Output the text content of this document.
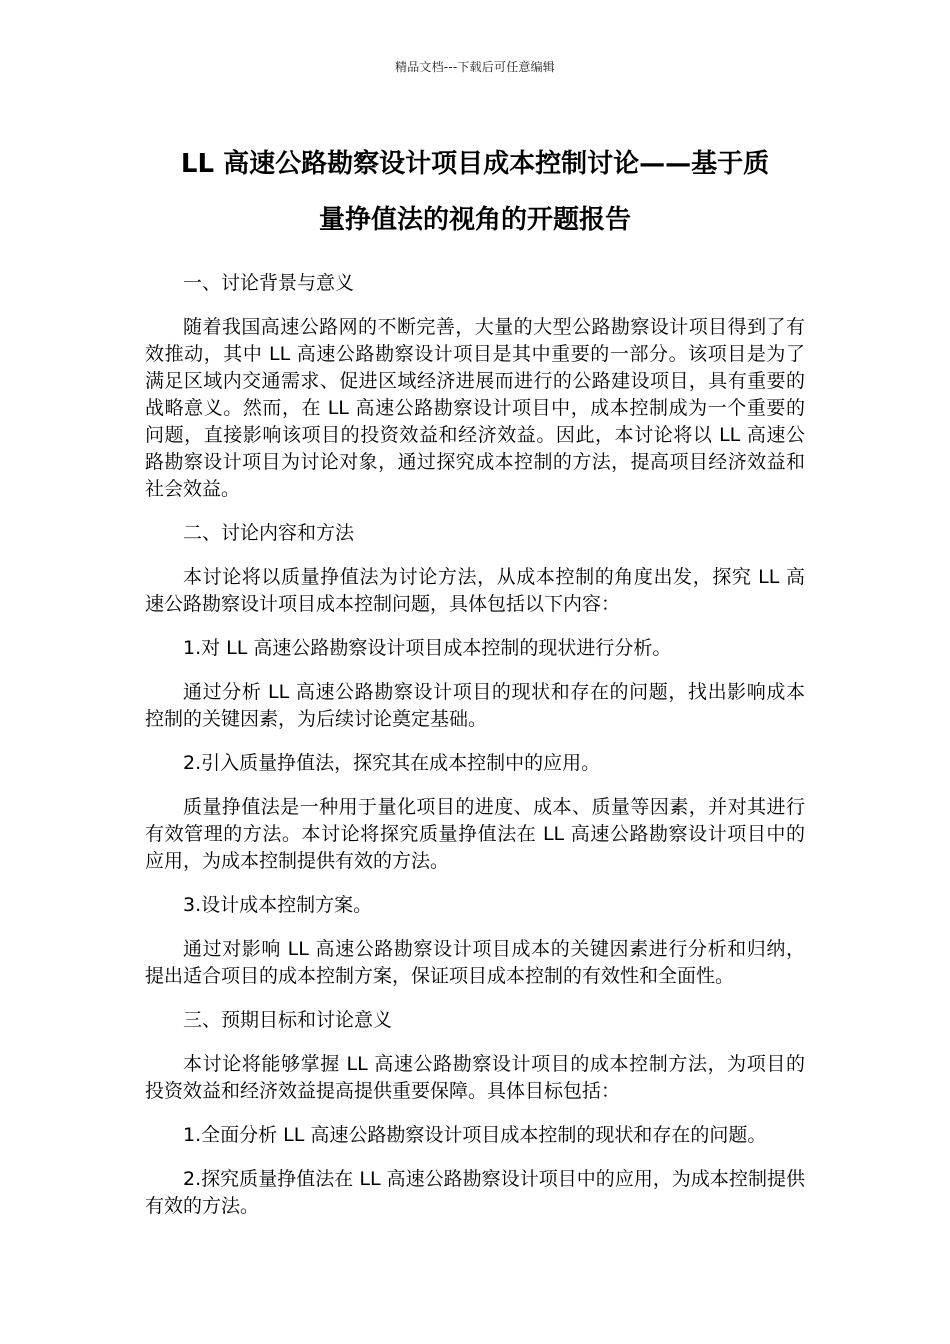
精品文档---下载后可任意编辑
LL 高速公路勘察设计项目成本控制讨论——基于质
量挣值法的视角的开题报告

一、讨论背景与意义

随着我国高速公路网的不断完善，大量的大型公路勘察设计项目得到了有效推动，其中 LL 高速公路勘察设计项目是其中重要的一部分。该项目是为了满足区域内交通需求、促进区域经济进展而进行的公路建设项目，具有重要的战略意义。然而，在 LL 高速公路勘察设计项目中，成本控制成为一个重要的问题，直接影响该项目的投资效益和经济效益。因此，本讨论将以 LL 高速公路勘察设计项目为讨论对象，通过探究成本控制的方法，提高项目经济效益和社会效益。

二、讨论内容和方法

本讨论将以质量挣值法为讨论方法，从成本控制的角度出发，探究 LL 高速公路勘察设计项目成本控制问题，具体包括以下内容：

1.对 LL 高速公路勘察设计项目成本控制的现状进行分析。

通过分析 LL 高速公路勘察设计项目的现状和存在的问题，找出影响成本控制的关键因素，为后续讨论奠定基础。

2.引入质量挣值法，探究其在成本控制中的应用。

质量挣值法是一种用于量化项目的进度、成本、质量等因素，并对其进行有效管理的方法。本讨论将探究质量挣值法在 LL 高速公路勘察设计项目中的应用，为成本控制提供有效的方法。

3.设计成本控制方案。

通过对影响 LL 高速公路勘察设计项目成本的关键因素进行分析和归纳，提出适合项目的成本控制方案，保证项目成本控制的有效性和全面性。

三、预期目标和讨论意义

本讨论将能够掌握 LL 高速公路勘察设计项目的成本控制方法，为项目的投资效益和经济效益提高提供重要保障。具体目标包括：

1.全面分析 LL 高速公路勘察设计项目成本控制的现状和存在的问题。

2.探究质量挣值法在 LL 高速公路勘察设计项目中的应用，为成本控制提供有效的方法。
